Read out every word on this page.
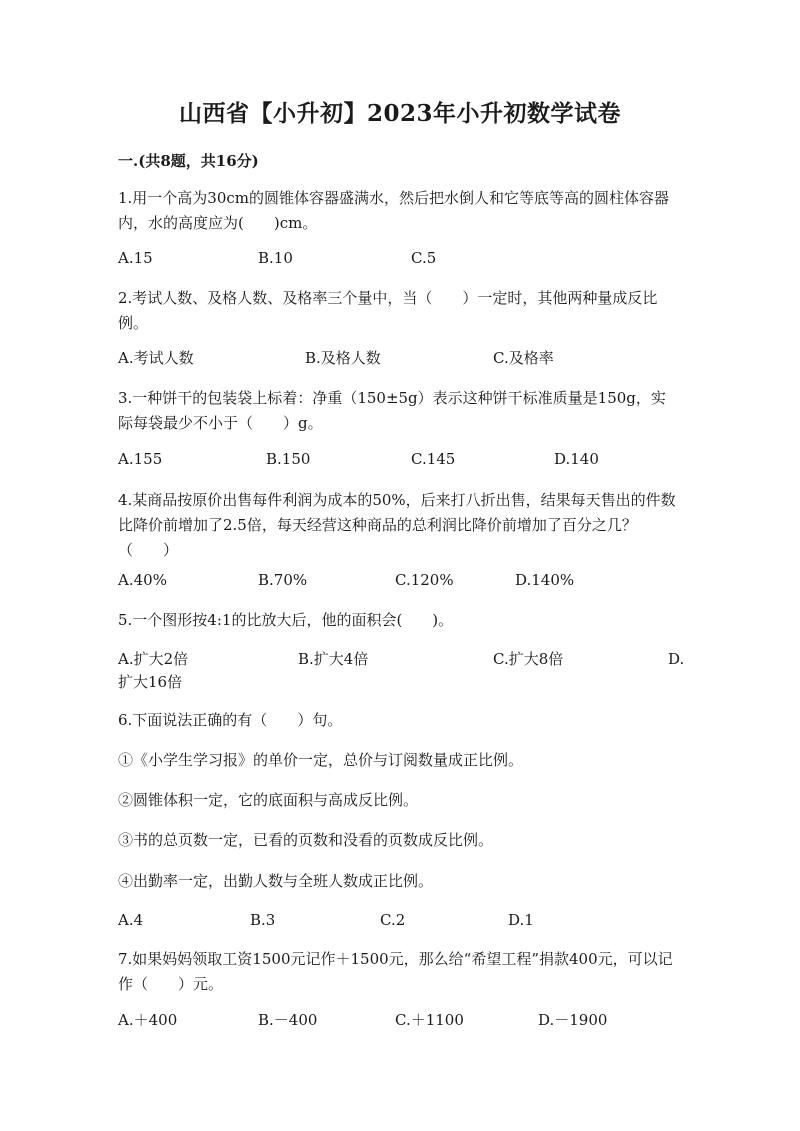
山西省【小升初】2023年小升初数学试卷
一.(共8题，共16分)
1.用一个高为30cm的圆锥体容器盛满水，然后把水倒人和它等底等高的圆柱体容器内，水的高度应为(　　)cm。
A.15	B.10	C.5
2.考试人数、及格人数、及格率三个量中，当（　　）一定时，其他两种量成反比例。
A.考试人数	B.及格人数	C.及格率
3.一种饼干的包装袋上标着：净重（150±5g）表示这种饼干标准质量是150g，实际每袋最少不小于（　　）g。
A.155	B.150	C.145	D.140
4.某商品按原价出售每件利润为成本的50%，后来打八折出售，结果每天售出的件数比降价前增加了2.5倍，每天经营这种商品的总利润比降价前增加了百分之几？（　　）
A.40%	B.70%	C.120%	D.140%
5.一个图形按4:1的比放大后，他的面积会(　　)。
A.扩大2倍	B.扩大4倍	C.扩大8倍	D.
扩大16倍
6.下面说法正确的有（　　）句。
①《小学生学习报》的单价一定，总价与订阅数量成正比例。
②圆锥体积一定，它的底面积与高成反比例。
③书的总页数一定，已看的页数和没看的页数成反比例。
④出勤率一定，出勤人数与全班人数成正比例。
A.4	B.3	C.2	D.1
7.如果妈妈领取工资1500元记作＋1500元，那么给“希望工程”捐款400元，可以记作（　　）元。
A.＋400	B.－400	C.＋1100	D.－1900
